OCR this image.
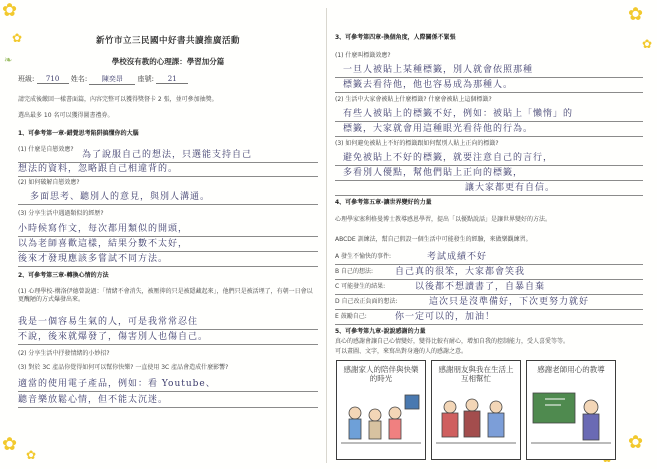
✿
✿
❧
✿
✿
✿ ✿
✿
新竹市立三民國中好書共讀推廣活動
學校沒有教的心理課：學習加分篇
班級: 710 姓名: 陳奕昂 座號: 21
請完成後繳回一樣書面篇，內容完整可以獲得獎督卡 2 張，並可參加抽獎。
選出最多 10 名可以獲得圖書禮券。
1、可參考第一章-錯覺思考陷阱搞懂你的大腦
(1) 什麼是自戀效應?
為了說服自己的想法，只選能支持自己
想法的資料，忽略跟自己相違背的。
(2) 如何破解自戀效應?
多面思考、聽別人的意見，與別人溝通。
(3) 分享生活中遇過類似的經歷?
小時候寫作文，每次都用類似的開頭，
以為老師喜歡這樣，結果分數不太好，
後來才發現應該多嘗試不同方法。
2、可參考第三章-轉換心情的方法
(1) 心理學校-構洛伊德曾說過：「情緒不會消失，被壓抑的只是被隱藏起來」，他們只是被活埋了，有朝一日會以更醜陋的方式爆發出來。
我是一個容易生氣的人，可是我常常忍住
不說，後來就爆發了，傷害別人也傷自己。
(2) 分享生活中抒發情緒的小妙招?
(3) 對於 3C 產品你覺得如何可以幫你快樂? 一直使用 3C 產品會造成什麼影響?
適當的使用電子產品，例如：看 Youtube、
聽音樂放鬆心情，但不能太沉迷。
3、可參考第四章-換個角度，人際關係不緊張
(1) 什麼叫標籤效應?
一旦人被貼上某種標籤，別人就會依照那種
標籤去看待他，他也容易成為那種人。
(2) 生活中大家會被貼上什麼標籤? 什麼會被貼上這個標籤?
有些人被貼上的標籤不好，例如：被貼上「懶惰」的
標籤，大家就會用這種眼光看待他的行為。
(3) 如何避免被貼上不好的標籤跟如何幫別人貼上正向的標籤?
避免被貼上不好的標籤，就要注意自己的言行，
多看別人優點，幫他們貼上正向的標籤，
讓大家都更有自信。
4、可參考第五章-讓世界變好的力量
心理學家塞利格曼博士教導感恩學習，提出「以優點說話」是讓世界變好的方法。
ABCDE 訓練法，幫自己假設一個生活中可能發生的經驗，來做樂觀練習。
A 發生不愉快的事件:	考試成績不好
B 自己的想法: 自己真的很笨，大家都會笑我
C 可能發生的結果:	以後都不想讀書了，自暴自棄
D 自己改正負面的想法:	這次只是沒準備好，下次更努力就好
E 鼓勵自己:	你一定可以的，加油！
5、可參考第九章-說說感謝的力量
真心的感謝會讓自己心情變好，變得比較有耐心，增加自我的控制能力，受人喜愛等等。
可以畫圖、文字，來寫出對身邊的人的感謝之意。
感謝家人的陪伴與快樂的時光
感謝朋友與我在生活上互相幫忙
感謝老師用心的教導
